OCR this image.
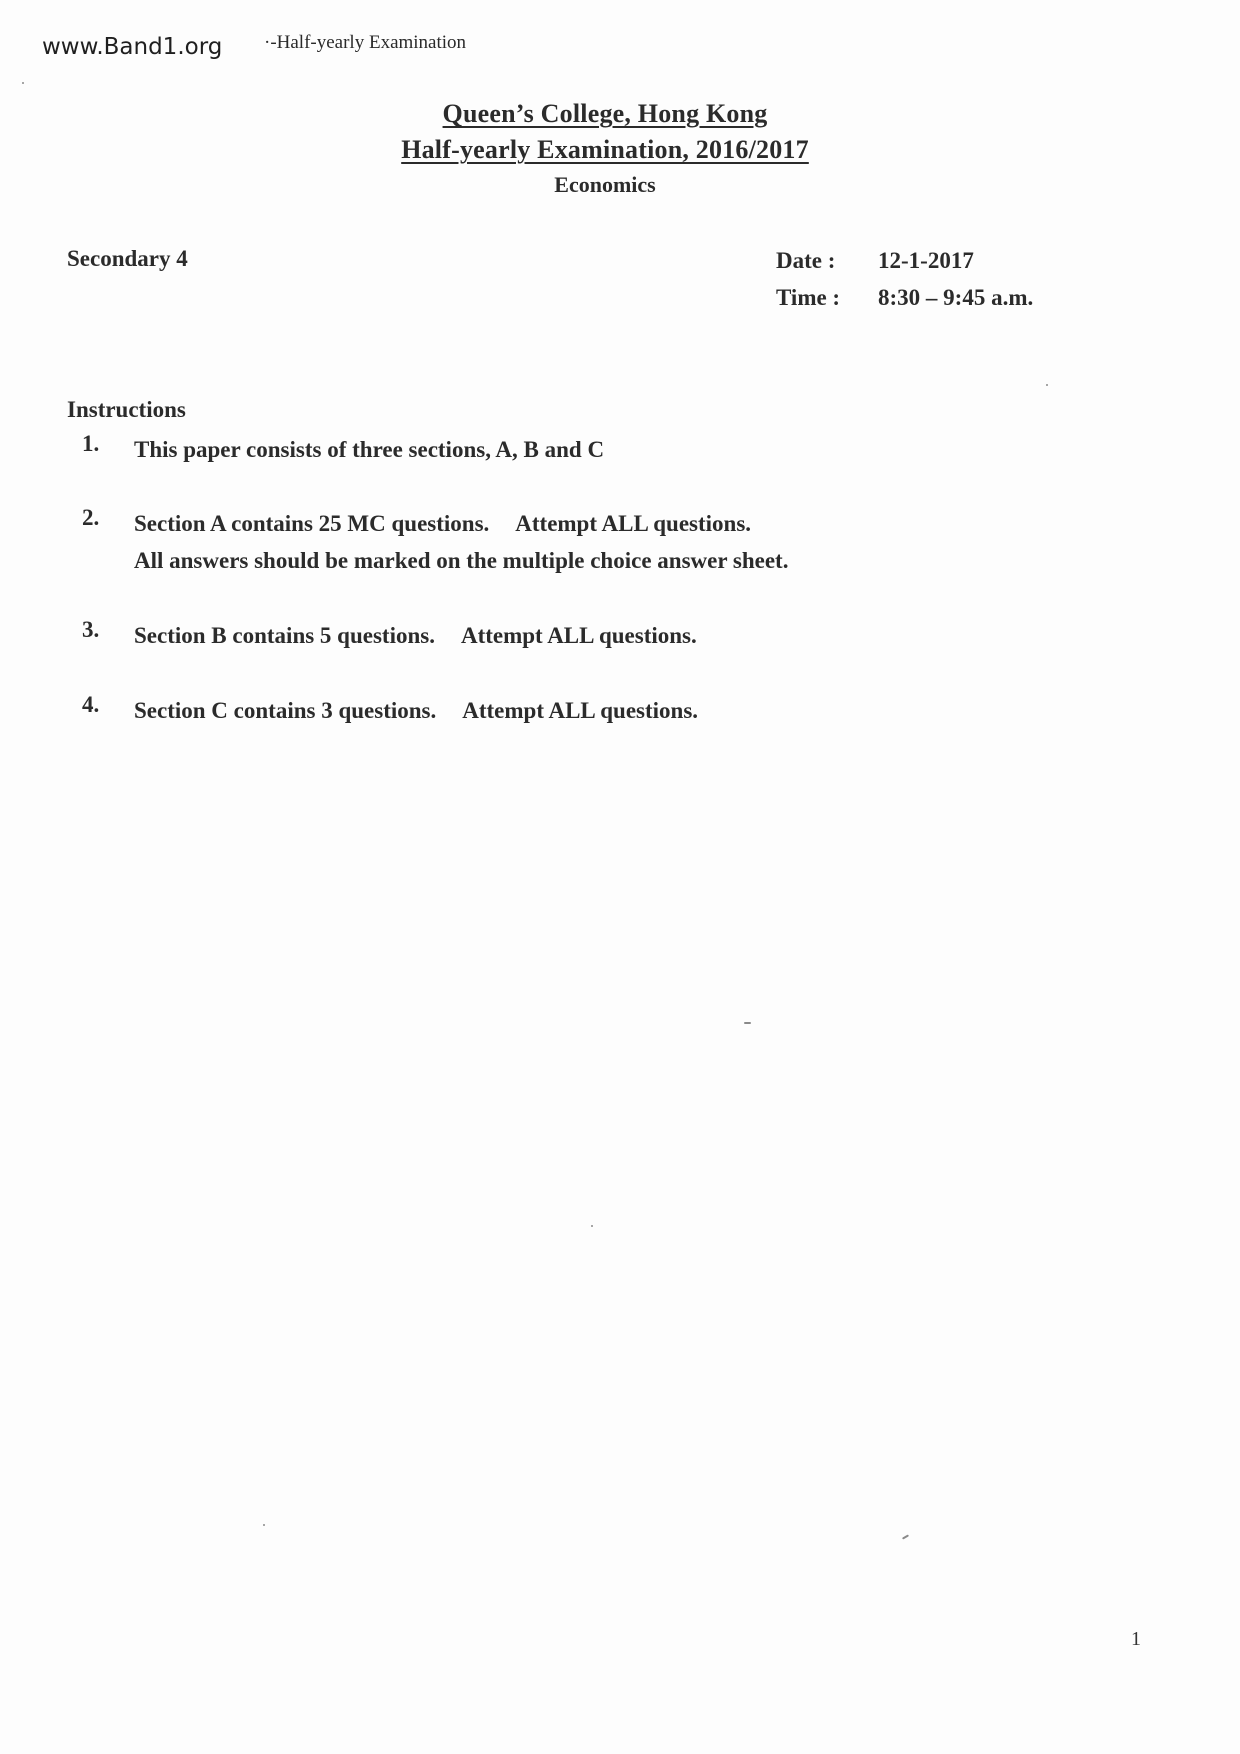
www.Band1.org ·-Half-yearly Examination
Queen’s College, Hong Kong
Half-yearly Examination, 2016/2017
Economics
Secondary 4	Date :	12-1-2017
Time :	8:30 – 9:45 a.m.
Instructions
1.	This paper consists of three sections, A, B and C
2.	Section A contains 25 MC questions. Attempt ALL questions.
All answers should be marked on the multiple choice answer sheet.
3.	Section B contains 5 questions. Attempt ALL questions.
4.	Section C contains 3 questions. Attempt ALL questions.
1
